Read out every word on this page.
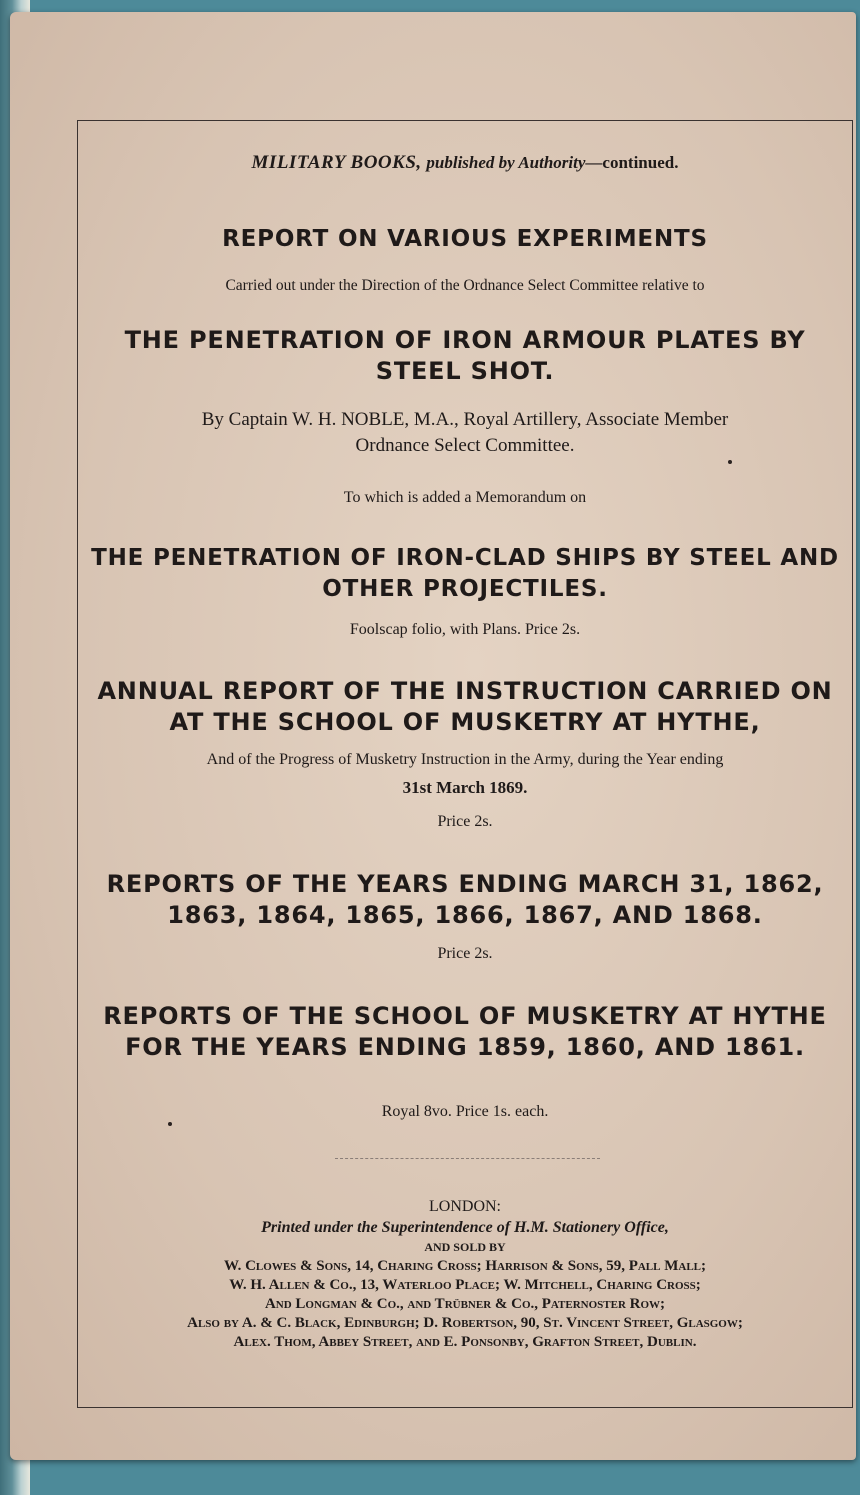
MILITARY BOOKS, published by Authority—continued.

REPORT ON VARIOUS EXPERIMENTS

Carried out under the Direction of the Ordnance Select Committee relative to

THE PENETRATION OF IRON ARMOUR PLATES BY STEEL SHOT.

By Captain W. H. NOBLE, M.A., Royal Artillery, Associate Member

Ordnance Select Committee.

To which is added a Memorandum on

THE PENETRATION OF IRON-CLAD SHIPS BY STEEL AND OTHER PROJECTILES.

Foolscap folio, with Plans. Price 2s.

ANNUAL REPORT OF THE INSTRUCTION CARRIED ON AT THE SCHOOL OF MUSKETRY AT HYTHE,

And of the Progress of Musketry Instruction in the Army, during the Year ending

31st March 1869.

Price 2s.

REPORTS OF THE YEARS ENDING MARCH 31, 1862, 1863, 1864, 1865, 1866, 1867, AND 1868.

Price 2s.

REPORTS OF THE SCHOOL OF MUSKETRY AT HYTHE FOR THE YEARS ENDING 1859, 1860, AND 1861.

Royal 8vo. Price 1s. each.

LONDON:

Printed under the Superintendence of H.M. Stationery Office,

AND SOLD BY

W. Clowes & Sons, 14, Charing Cross; Harrison & Sons, 59, Pall Mall;

W. H. Allen & Co., 13, Waterloo Place; W. Mitchell, Charing Cross;

And Longman & Co., and Trübner & Co., Paternoster Row;

Also by A. & C. Black, Edinburgh; D. Robertson, 90, St. Vincent Street, Glasgow;

Alex. Thom, Abbey Street, and E. Ponsonby, Grafton Street, Dublin.
